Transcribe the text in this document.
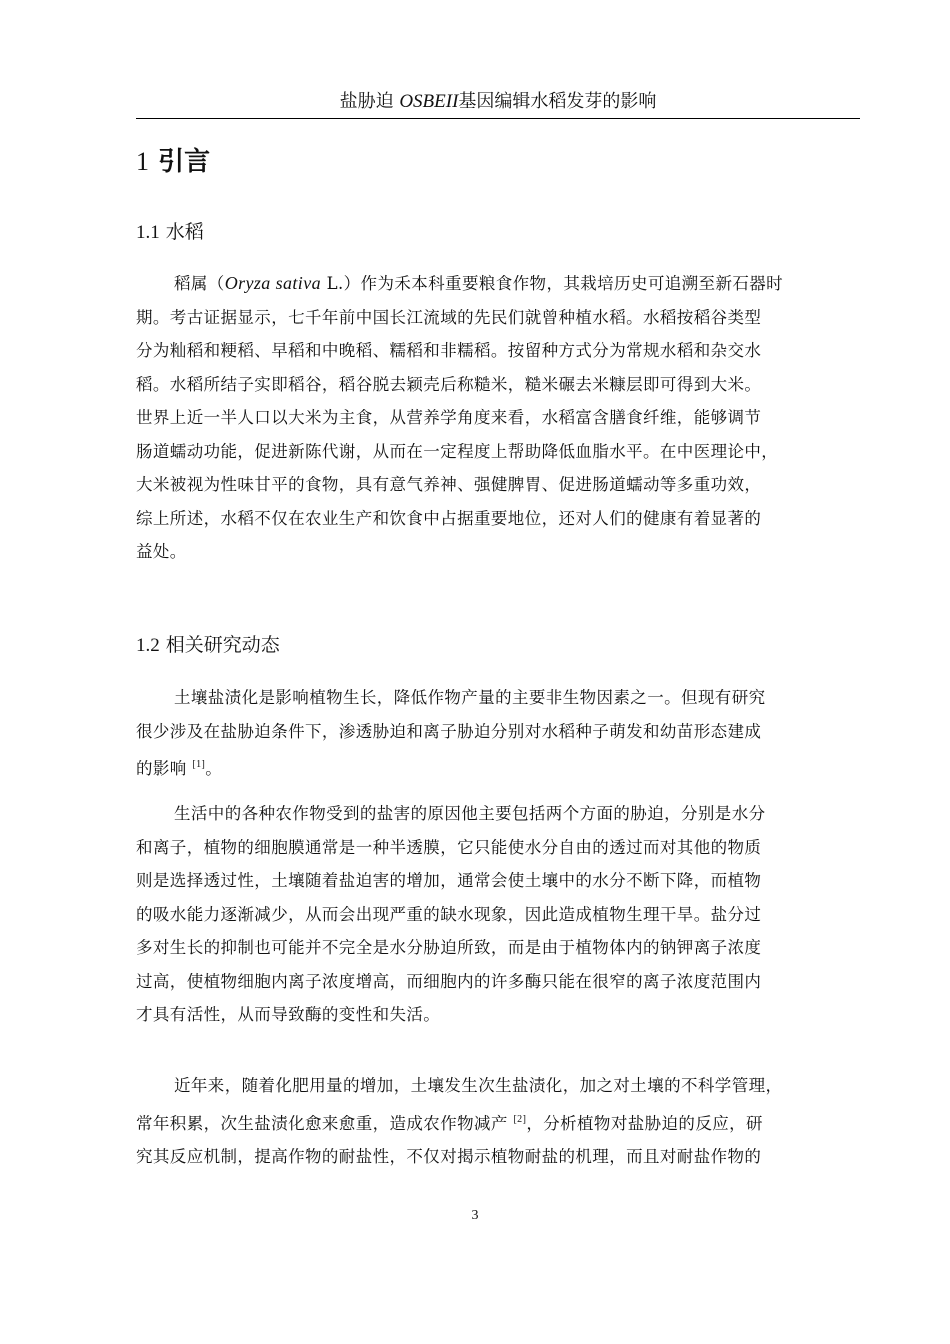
盐胁迫 OSBEII基因编辑水稻发芽的影响
1 引言
1.1 水稻
稻属（Oryza sativa L.）作为禾本科重要粮食作物，其栽培历史可追溯至新石器时
期。考古证据显示，七千年前中国长江流域的先民们就曾种植水稻。水稻按稻谷类型
分为籼稻和粳稻、早稻和中晚稻、糯稻和非糯稻。按留种方式分为常规水稻和杂交水
稻。水稻所结子实即稻谷，稻谷脱去颖壳后称糙米，糙米碾去米糠层即可得到大米。
世界上近一半人口以大米为主食，从营养学角度来看，水稻富含膳食纤维，能够调节
肠道蠕动功能，促进新陈代谢，从而在一定程度上帮助降低血脂水平。在中医理论中，
大米被视为性味甘平的食物，具有意气养神、强健脾胃、促进肠道蠕动等多重功效，
综上所述，水稻不仅在农业生产和饮食中占据重要地位，还对人们的健康有着显著的
益处。
1.2 相关研究动态
土壤盐渍化是影响植物生长，降低作物产量的主要非生物因素之一。但现有研究
很少涉及在盐胁迫条件下，渗透胁迫和离子胁迫分别对水稻种子萌发和幼苗形态建成
的影响 [1]。
生活中的各种农作物受到的盐害的原因他主要包括两个方面的胁迫，分别是水分
和离子，植物的细胞膜通常是一种半透膜，它只能使水分自由的透过而对其他的物质
则是选择透过性，土壤随着盐迫害的增加，通常会使土壤中的水分不断下降，而植物
的吸水能力逐渐减少，从而会出现严重的缺水现象，因此造成植物生理干旱。盐分过
多对生长的抑制也可能并不完全是水分胁迫所致，而是由于植物体内的钠钾离子浓度
过高，使植物细胞内离子浓度增高，而细胞内的许多酶只能在很窄的离子浓度范围内
才具有活性，从而导致酶的变性和失活。
近年来，随着化肥用量的增加，土壤发生次生盐渍化，加之对土壤的不科学管理，
常年积累，次生盐渍化愈来愈重，造成农作物减产 [2]，分析植物对盐胁迫的反应，研
究其反应机制，提高作物的耐盐性，不仅对揭示植物耐盐的机理，而且对耐盐作物的
3
